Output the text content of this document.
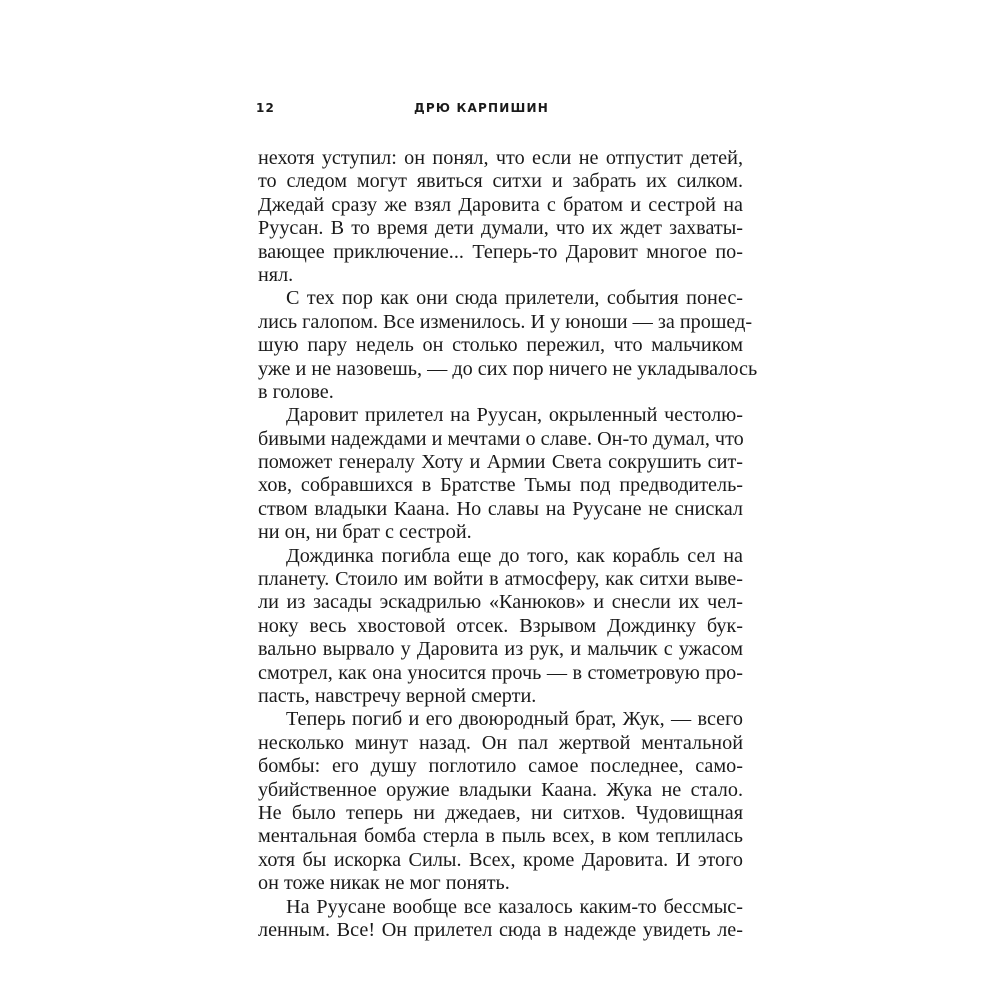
12	ДРЮ КАРПИШИН
нехотя уступил: он понял, что если не отпустит детей,
то следом могут явиться ситхи и забрать их силком.
Джедай сразу же взял Даровита с братом и сестрой на
Руусан. В то время дети думали, что их ждет захваты-
вающее приключение... Теперь-то Даровит многое по-
нял.
С тех пор как они сюда прилетели, события понес-
лись галопом. Все изменилось. И у юноши — за прошед-
шую пару недель он столько пережил, что мальчиком
уже и не назовешь, — до сих пор ничего не укладывалось
в голове.
Даровит прилетел на Руусан, окрыленный честолю-
бивыми надеждами и мечтами о славе. Он-то думал, что
поможет генералу Хоту и Армии Света сокрушить сит-
хов, собравшихся в Братстве Тьмы под предводитель-
ством владыки Каана. Но славы на Руусане не снискал
ни он, ни брат с сестрой.
Дождинка погибла еще до того, как корабль сел на
планету. Стоило им войти в атмосферу, как ситхи выве-
ли из засады эскадрилью «Канюков» и снесли их чел-
ноку весь хвостовой отсек. Взрывом Дождинку бук-
вально вырвало у Даровита из рук, и мальчик с ужасом
смотрел, как она уносится прочь — в стометровую про-
пасть, навстречу верной смерти.
Теперь погиб и его двоюродный брат, Жук, — всего
несколько минут назад. Он пал жертвой ментальной
бомбы: его душу поглотило самое последнее, само-
убийственное оружие владыки Каана. Жука не стало.
Не было теперь ни джедаев, ни ситхов. Чудовищная
ментальная бомба стерла в пыль всех, в ком теплилась
хотя бы искорка Силы. Всех, кроме Даровита. И этого
он тоже никак не мог понять.
На Руусане вообще все казалось каким-то бессмыс-
ленным. Все! Он прилетел сюда в надежде увидеть ле-
